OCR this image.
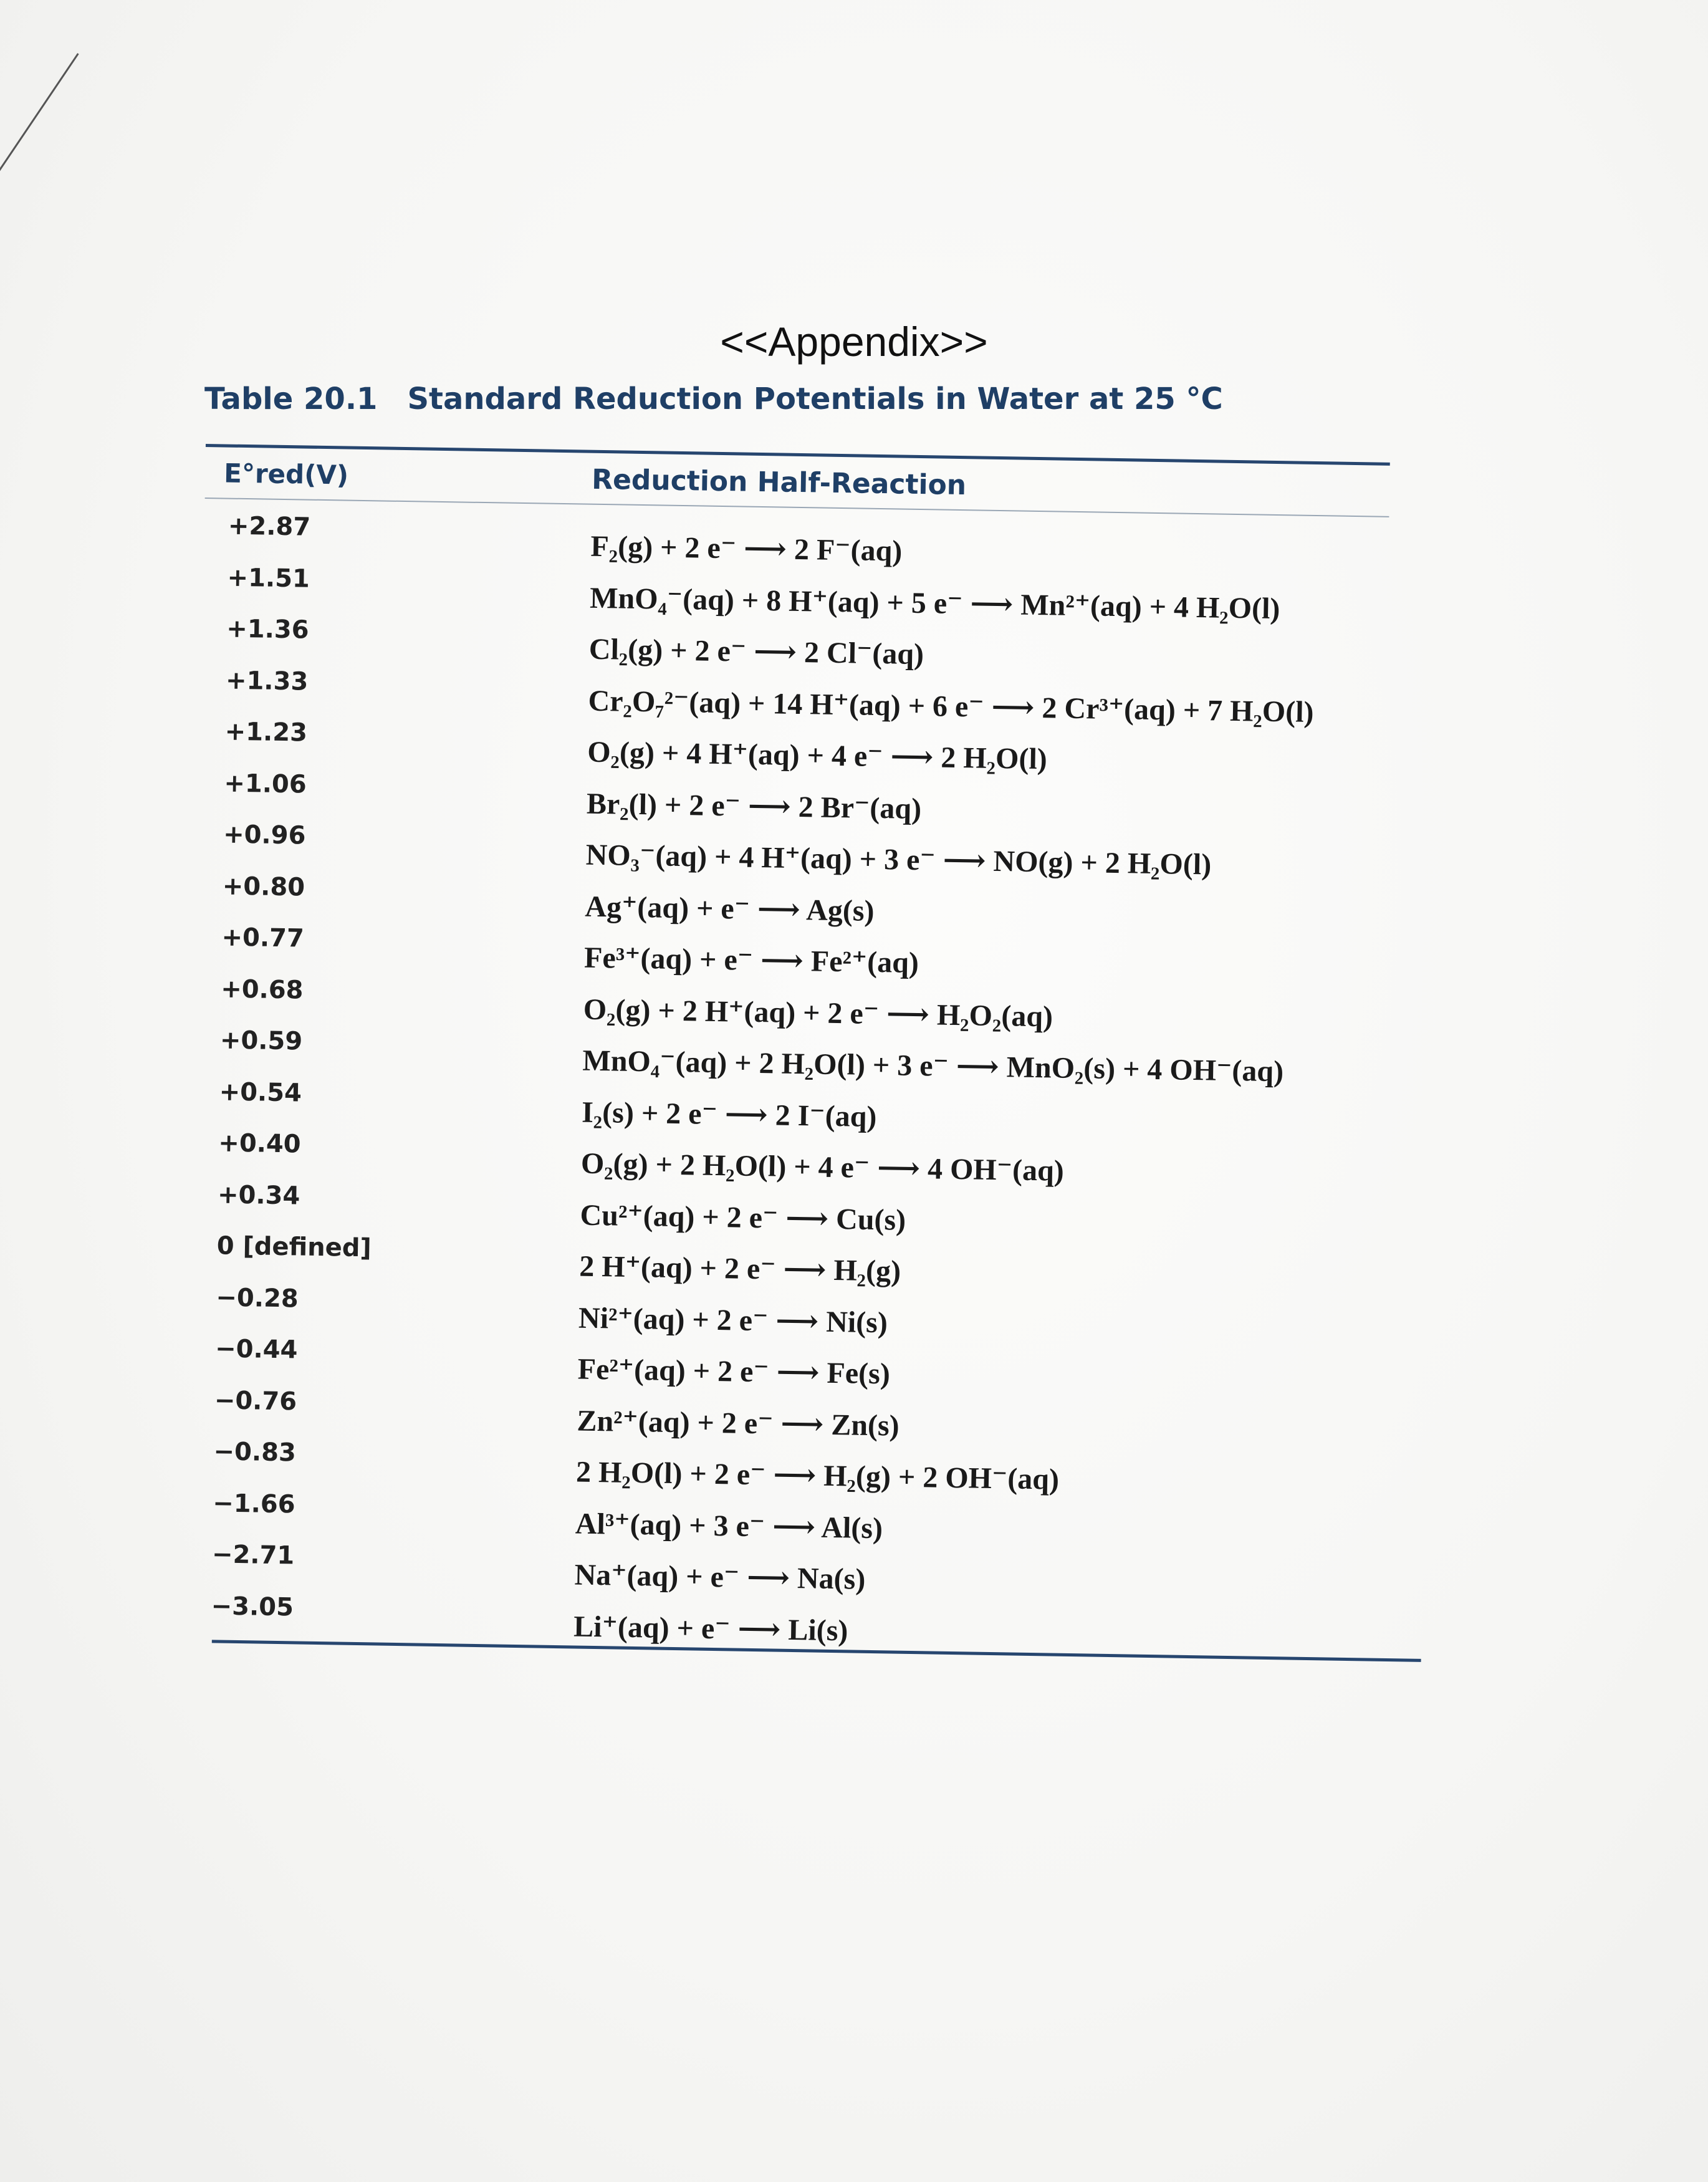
<<Appendix>>
Table 20.1 Standard Reduction Potentials in Water at 25 °C
E°red(V)	Reduction Half-Reaction
+2.87
F₂(g) + 2 e⁻ ⟶ 2 F⁻(aq)
+1.51
MnO₄⁻(aq) + 8 H⁺(aq) + 5 e⁻ ⟶ Mn²⁺(aq) + 4 H₂O(l)
+1.36
Cl₂(g) + 2 e⁻ ⟶ 2 Cl⁻(aq)
+1.33
Cr₂O₇²⁻(aq) + 14 H⁺(aq) + 6 e⁻ ⟶ 2 Cr³⁺(aq) + 7 H₂O(l)
+1.23
O₂(g) + 4 H⁺(aq) + 4 e⁻ ⟶ 2 H₂O(l)
+1.06
Br₂(l) + 2 e⁻ ⟶ 2 Br⁻(aq)
+0.96
NO₃⁻(aq) + 4 H⁺(aq) + 3 e⁻ ⟶ NO(g) + 2 H₂O(l)
+0.80
Ag⁺(aq) + e⁻ ⟶ Ag(s)
+0.77
Fe³⁺(aq) + e⁻ ⟶ Fe²⁺(aq)
+0.68
O₂(g) + 2 H⁺(aq) + 2 e⁻ ⟶ H₂O₂(aq)
+0.59
MnO₄⁻(aq) + 2 H₂O(l) + 3 e⁻ ⟶ MnO₂(s) + 4 OH⁻(aq)
+0.54
I₂(s) + 2 e⁻ ⟶ 2 I⁻(aq)
+0.40
O₂(g) + 2 H₂O(l) + 4 e⁻ ⟶ 4 OH⁻(aq)
+0.34
Cu²⁺(aq) + 2 e⁻ ⟶ Cu(s)
0 [defined]
2 H⁺(aq) + 2 e⁻ ⟶ H₂(g)
−0.28
Ni²⁺(aq) + 2 e⁻ ⟶ Ni(s)
−0.44
Fe²⁺(aq) + 2 e⁻ ⟶ Fe(s)
−0.76
Zn²⁺(aq) + 2 e⁻ ⟶ Zn(s)
−0.83
2 H₂O(l) + 2 e⁻ ⟶ H₂(g) + 2 OH⁻(aq)
−1.66
Al³⁺(aq) + 3 e⁻ ⟶ Al(s)
−2.71
Na⁺(aq) + e⁻ ⟶ Na(s)
−3.05
Li⁺(aq) + e⁻ ⟶ Li(s)
